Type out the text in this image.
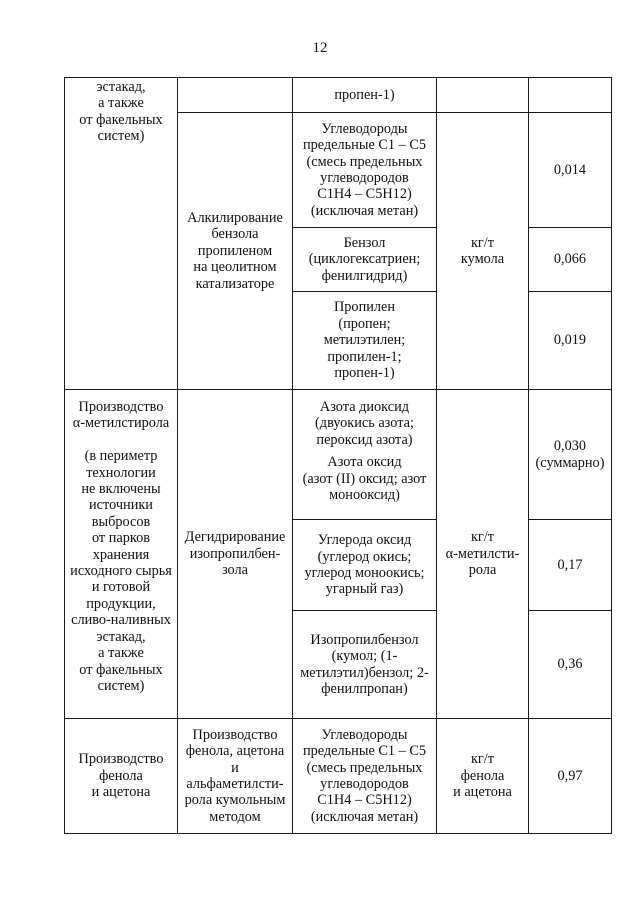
12
эстакад,
а также
от факельных
систем)
пропен-1)
Алкилирование
бензола
пропиленом
на цеолитном
катализаторе
Углеводороды
предельные C1 – C5
(смесь предельных
углеводородов
C1H4 – C5H12)
(исключая метан)
Бензол
(циклогексатриен;
фенилгидрид)
Пропилен
(пропен;
метилэтилен;
пропилен-1;
пропен-1)
кг/т
кумола
0,014
0,066
0,019
Производство
α-метилстирола

(в периметр
технологии
не включены
источники
выбросов
от парков
хранения
исходного сырья
и готовой
продукции,
сливо-наливных
эстакад,
а также
от факельных
систем)
Дегидрирование
изопропилбен-
зола
Азота диоксид
(двуокись азота;
пероксид азота)
Азота оксид
(азот (II) оксид; азот
монооксид)
Углерода оксид
(углерод окись;
углерод моноокись;
угарный газ)
Изопропилбензол
(кумол; (1-
метилэтил)бензол; 2-
фенилпропан)
кг/т
α-метилсти-
рола
0,030
(суммарно)
0,17
0,36
Производство
фенола
и ацетона
Производство
фенола, ацетона
и
альфаметилсти-
рола кумольным
методом
Углеводороды
предельные C1 – C5
(смесь предельных
углеводородов
C1H4 – C5H12)
(исключая метан)
кг/т
фенола
и ацетона
0,97
